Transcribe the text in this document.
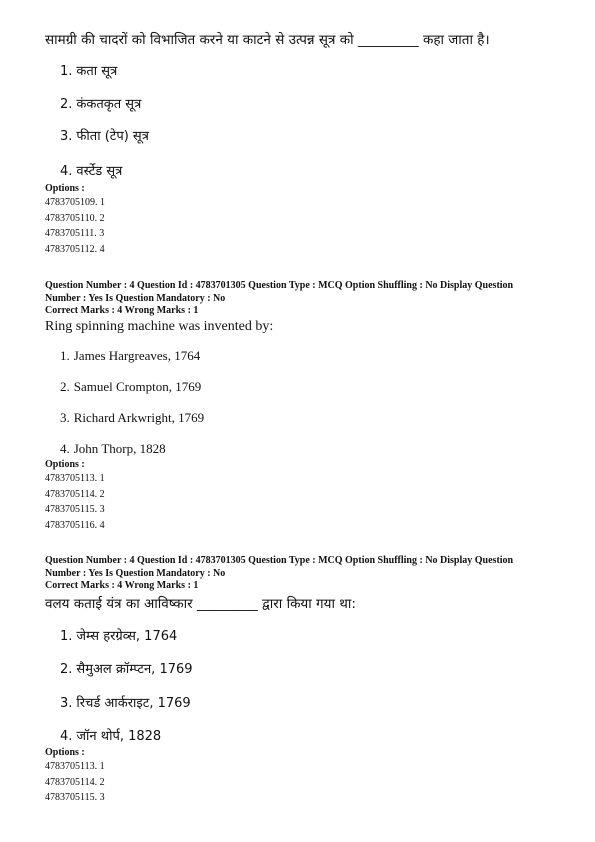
सामग्री की चादरों को विभाजित करने या काटने से उत्पन्न सूत्र को _________ कहा जाता है।
1. कता सूत्र
2. कंकतकृत सूत्र
3. फीता (टेप) सूत्र
4. वर्स्टेड सूत्र
Options :
4783705109. 1
4783705110. 2
4783705111. 3
4783705112. 4
Question Number : 4 Question Id : 4783701305 Question Type : MCQ Option Shuffling : No Display Question
Number : Yes Is Question Mandatory : No
Correct Marks : 4 Wrong Marks : 1
Ring spinning machine was invented by:
1. James Hargreaves, 1764
2. Samuel Crompton, 1769
3. Richard Arkwright, 1769
4. John Thorp, 1828
Options :
4783705113. 1
4783705114. 2
4783705115. 3
4783705116. 4
Question Number : 4 Question Id : 4783701305 Question Type : MCQ Option Shuffling : No Display Question
Number : Yes Is Question Mandatory : No
Correct Marks : 4 Wrong Marks : 1
वलय कताई यंत्र का आविष्कार _________ द्वारा किया गया था:
1. जेम्स हरग्रेव्स, 1764
2. सैमुअल क्रॉम्प्टन, 1769
3. रिचर्ड आर्कराइट, 1769
4. जॉन थोर्प, 1828
Options :
4783705113. 1
4783705114. 2
4783705115. 3
